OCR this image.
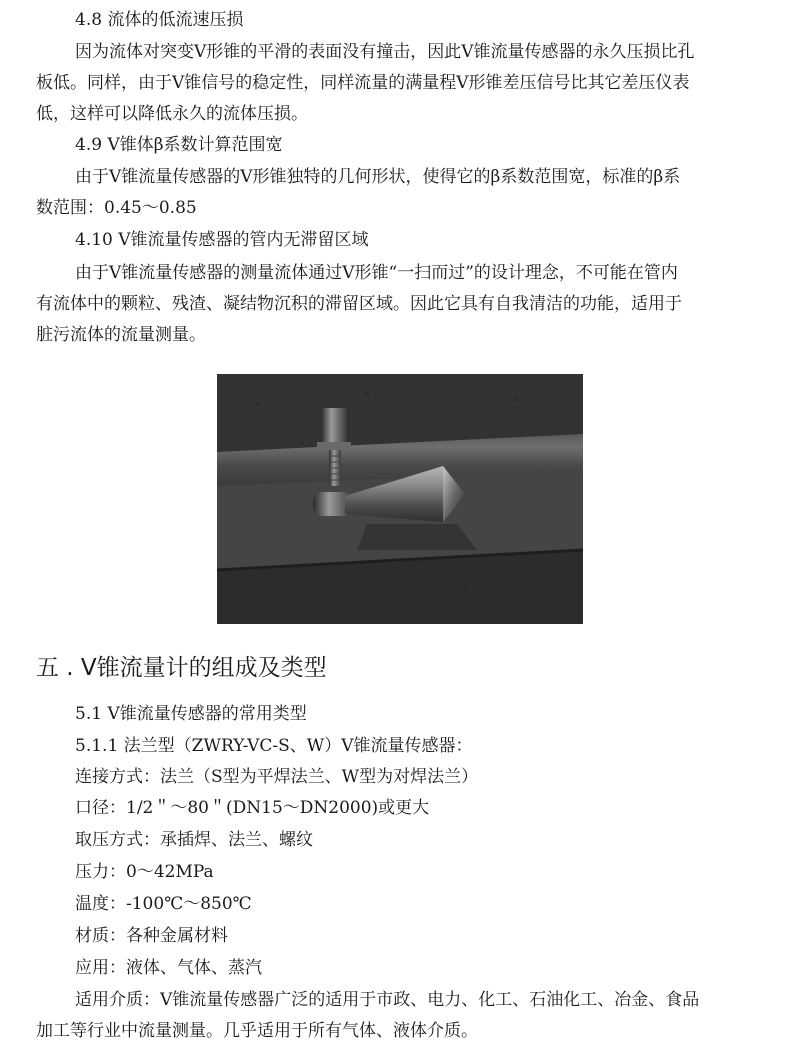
4.8 流体的低流速压损
因为流体对突变V形锥的平滑的表面没有撞击，因此V锥流量传感器的永久压损比孔
板低。同样，由于V锥信号的稳定性，同样流量的满量程V形锥差压信号比其它差压仪表
低，这样可以降低永久的流体压损。
4.9 V锥体β系数计算范围宽
由于V锥流量传感器的V形锥独特的几何形状，使得它的β系数范围宽，标准的β系
数范围：0.45～0.85
4.10 V锥流量传感器的管内无滞留区域
由于V锥流量传感器的测量流体通过V形锥“一扫而过”的设计理念，不可能在管内
有流体中的颗粒、残渣、凝结物沉积的滞留区域。因此它具有自我清洁的功能，适用于
脏污流体的流量测量。
五 . V锥流量计的组成及类型
5.1 V锥流量传感器的常用类型
5.1.1 法兰型（ZWRY-VC-S、W）V锥流量传感器：
连接方式：法兰（S型为平焊法兰、W型为对焊法兰）
口径：1/2＂～80＂(DN15～DN2000)或更大
取压方式：承插焊、法兰、螺纹
压力：0～42MPa
温度：-100℃～850℃
材质：各种金属材料
应用：液体、气体、蒸汽
适用介质：V锥流量传感器广泛的适用于市政、电力、化工、石油化工、冶金、食品
加工等行业中流量测量。几乎适用于所有气体、液体介质。
